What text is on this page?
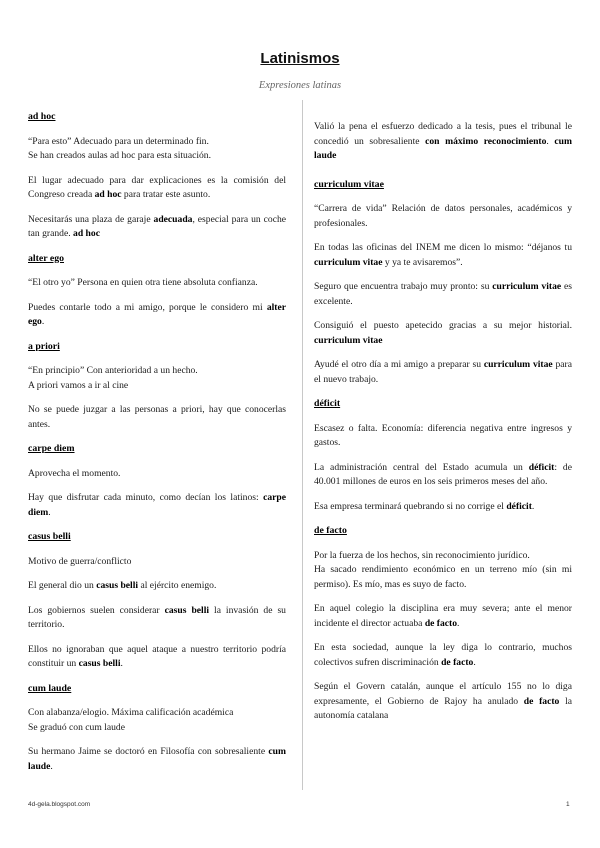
Latinismos
Expresiones latinas
ad hoc
“Para esto” Adecuado para un determinado fin.
Se han creados aulas ad hoc para esta situación.
El lugar adecuado para dar explicaciones es la comisión del Congreso creada ad hoc para tratar este asunto.
Necesitarás una plaza de garaje adecuada, especial para un coche tan grande. ad hoc
alter ego
“El otro yo” Persona en quien otra tiene absoluta confianza.
Puedes contarle todo a mi amigo, porque le considero mi alter ego.
a priori
“En principio” Con anterioridad a un hecho.
A priori vamos a ir al cine
No se puede juzgar a las personas a priori, hay que conocerlas antes.
carpe diem
Aprovecha el momento.
Hay que disfrutar cada minuto, como decían los latinos: carpe diem.
casus belli
Motivo de guerra/conflicto
El general dio un casus belli al ejército enemigo.
Los gobiernos suelen considerar casus belli la invasión de su territorio.
Ellos no ignoraban que aquel ataque a nuestro territorio podría constituir un casus belli.
cum laude
Con alabanza/elogio. Máxima calificación académica
Se graduó con cum laude
Su hermano Jaime se doctoró en Filosofía con sobresaliente cum laude.
Valió la pena el esfuerzo dedicado a la tesis, pues el tribunal le concedió un sobresaliente con máximo reconocimiento. cum laude
curriculum vitae
“Carrera de vida” Relación de datos personales, académicos y profesionales.
En todas las oficinas del INEM me dicen lo mismo: “déjanos tu curriculum vitae y ya te avisaremos”.
Seguro que encuentra trabajo muy pronto: su curriculum vitae es excelente.
Consiguió el puesto apetecido gracias a su mejor historial. curriculum vitae
Ayudé el otro día a mi amigo a preparar su curriculum vitae para el nuevo trabajo.
déficit
Escasez o falta. Economía: diferencia negativa entre ingresos y gastos.
La administración central del Estado acumula un déficit: de 40.001 millones de euros en los seis primeros meses del año.
Esa empresa terminará quebrando si no corrige el déficit.
de facto
Por la fuerza de los hechos, sin reconocimiento jurídico.
Ha sacado rendimiento económico en un terreno mío (sin mi permiso). Es mío, mas es suyo de facto.
En aquel colegio la disciplina era muy severa; ante el menor incidente el director actuaba de facto.
En esta sociedad, aunque la ley diga lo contrario, muchos colectivos sufren discriminación de facto.
Según el Govern catalán, aunque el artículo 155 no lo diga expresamente, el Gobierno de Rajoy ha anulado de facto la autonomía catalana
4d-gela.blogspot.com	1
